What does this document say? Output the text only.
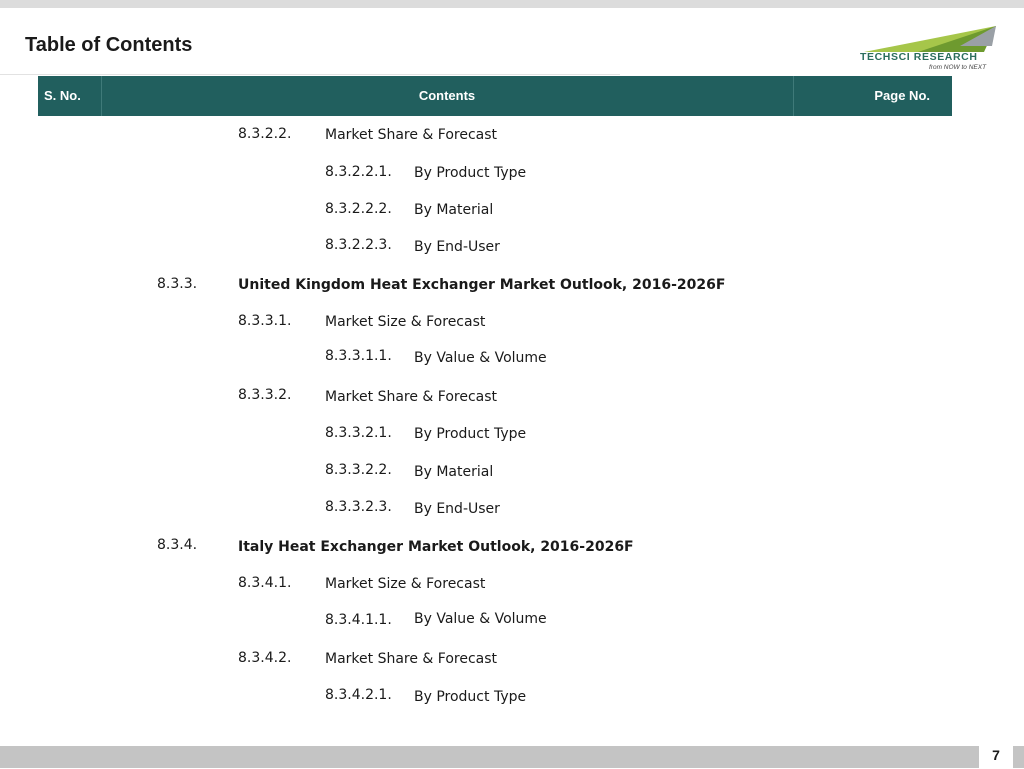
Table of Contents
TECHSCI RESEARCH
from NOW to NEXT
S. No.	Contents	Page No.
8.3.2.2. Market Share & Forecast
8.3.2.2.1. By Product Type
8.3.2.2.2. By Material
8.3.2.2.3. By End-User
8.3.3.	United Kingdom Heat Exchanger Market Outlook, 2016-2026F
8.3.3.1. Market Size & Forecast
8.3.3.1.1. By Value & Volume
8.3.3.2. Market Share & Forecast
8.3.3.2.1. By Product Type
8.3.3.2.2. By Material
8.3.3.2.3. By End-User
8.3.4.	Italy Heat Exchanger Market Outlook, 2016-2026F
8.3.4.1. Market Size & Forecast
8.3.4.1.1. By Value & Volume
8.3.4.2. Market Share & Forecast
8.3.4.2.1. By Product Type
7
